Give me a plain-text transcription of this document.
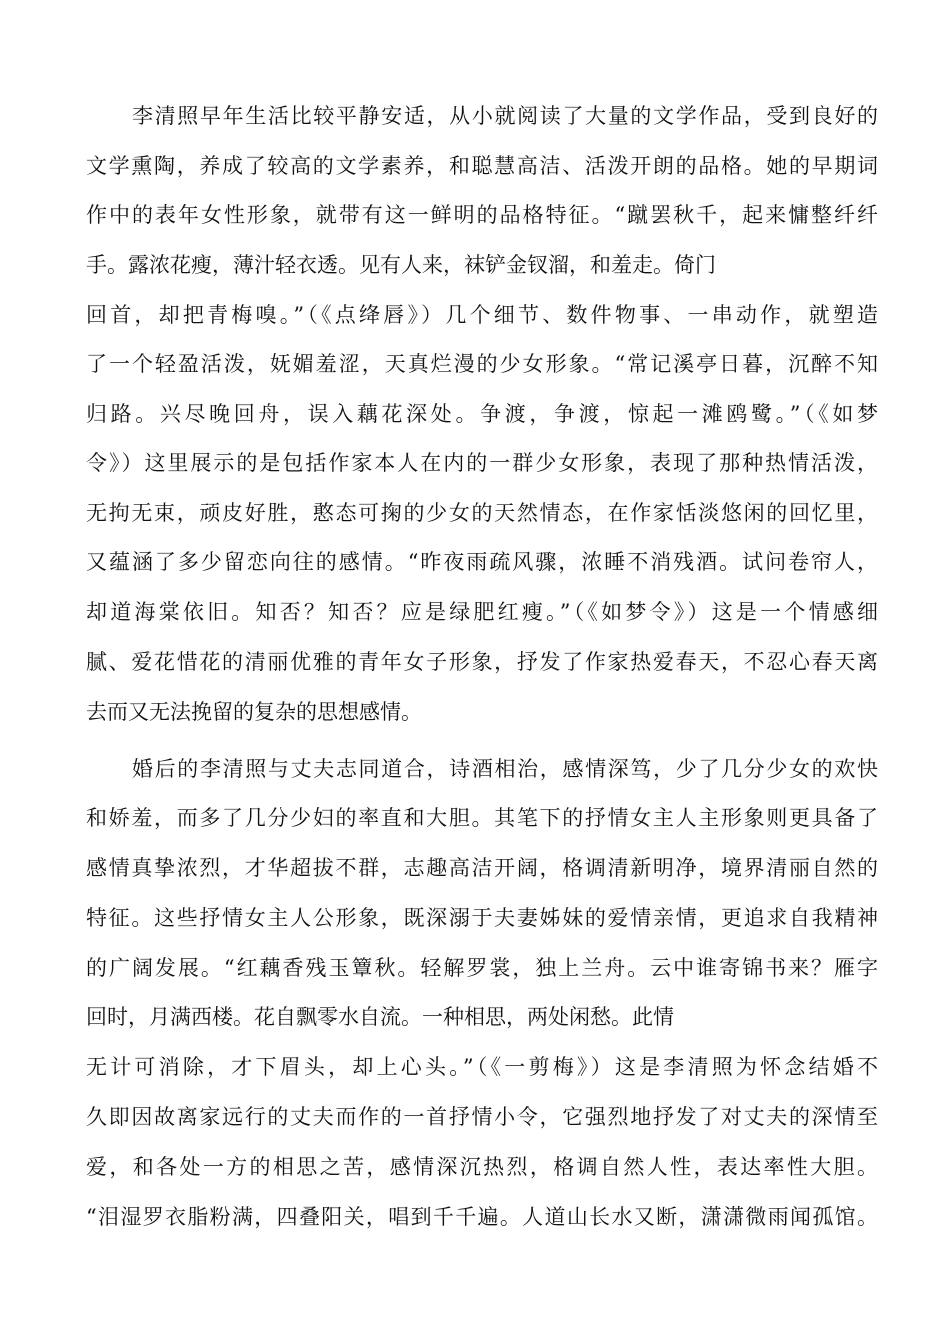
李清照早年生活比较平静安适，从小就阅读了大量的文学作品，受到良好的
文学熏陶，养成了较高的文学素养，和聪慧高洁、活泼开朗的品格。她的早期词
作中的表年女性形象，就带有这一鲜明的品格特征。“蹴罢秋千，起来慵整纤纤
手。露浓花瘦，薄汁轻衣透。见有人来，袜铲金钗溜，和羞走。倚门
回首，却把青梅嗅。”（《点绛唇》）几个细节、数件物事、一串动作，就塑造
了一个轻盈活泼，妩媚羞涩，天真烂漫的少女形象。“常记溪亭日暮，沉醉不知
归路。兴尽晚回舟，误入藕花深处。争渡，争渡，惊起一滩鸥鹭。”（《如梦
令》）这里展示的是包括作家本人在内的一群少女形象，表现了那种热情活泼，
无拘无束，顽皮好胜，憨态可掬的少女的天然情态，在作家恬淡悠闲的回忆里，
又蕴涵了多少留恋向往的感情。“昨夜雨疏风骤，浓睡不消残酒。试问卷帘人，
却道海棠依旧。知否？知否？应是绿肥红瘦。”（《如梦令》）这是一个情感细
腻、爱花惜花的清丽优雅的青年女子形象，抒发了作家热爱春天，不忍心春天离
去而又无法挽留的复杂的思想感情。
婚后的李清照与丈夫志同道合，诗酒相治，感情深笃，少了几分少女的欢快
和娇羞，而多了几分少妇的率直和大胆。其笔下的抒情女主人主形象则更具备了
感情真挚浓烈，才华超拔不群，志趣高洁开阔，格调清新明净，境界清丽自然的
特征。这些抒情女主人公形象，既深溺于夫妻姊妹的爱情亲情，更追求自我精神
的广阔发展。“红藕香残玉簟秋。轻解罗裳，独上兰舟。云中谁寄锦书来？雁字
回时，月满西楼。花自飘零水自流。一种相思，两处闲愁。此情
无计可消除，才下眉头，却上心头。”（《一剪梅》）这是李清照为怀念结婚不
久即因故离家远行的丈夫而作的一首抒情小令，它强烈地抒发了对丈夫的深情至
爱，和各处一方的相思之苦，感情深沉热烈，格调自然人性，表达率性大胆。
“泪湿罗衣脂粉满，四叠阳关，唱到千千遍。人道山长水又断，潇潇微雨闻孤馆。
